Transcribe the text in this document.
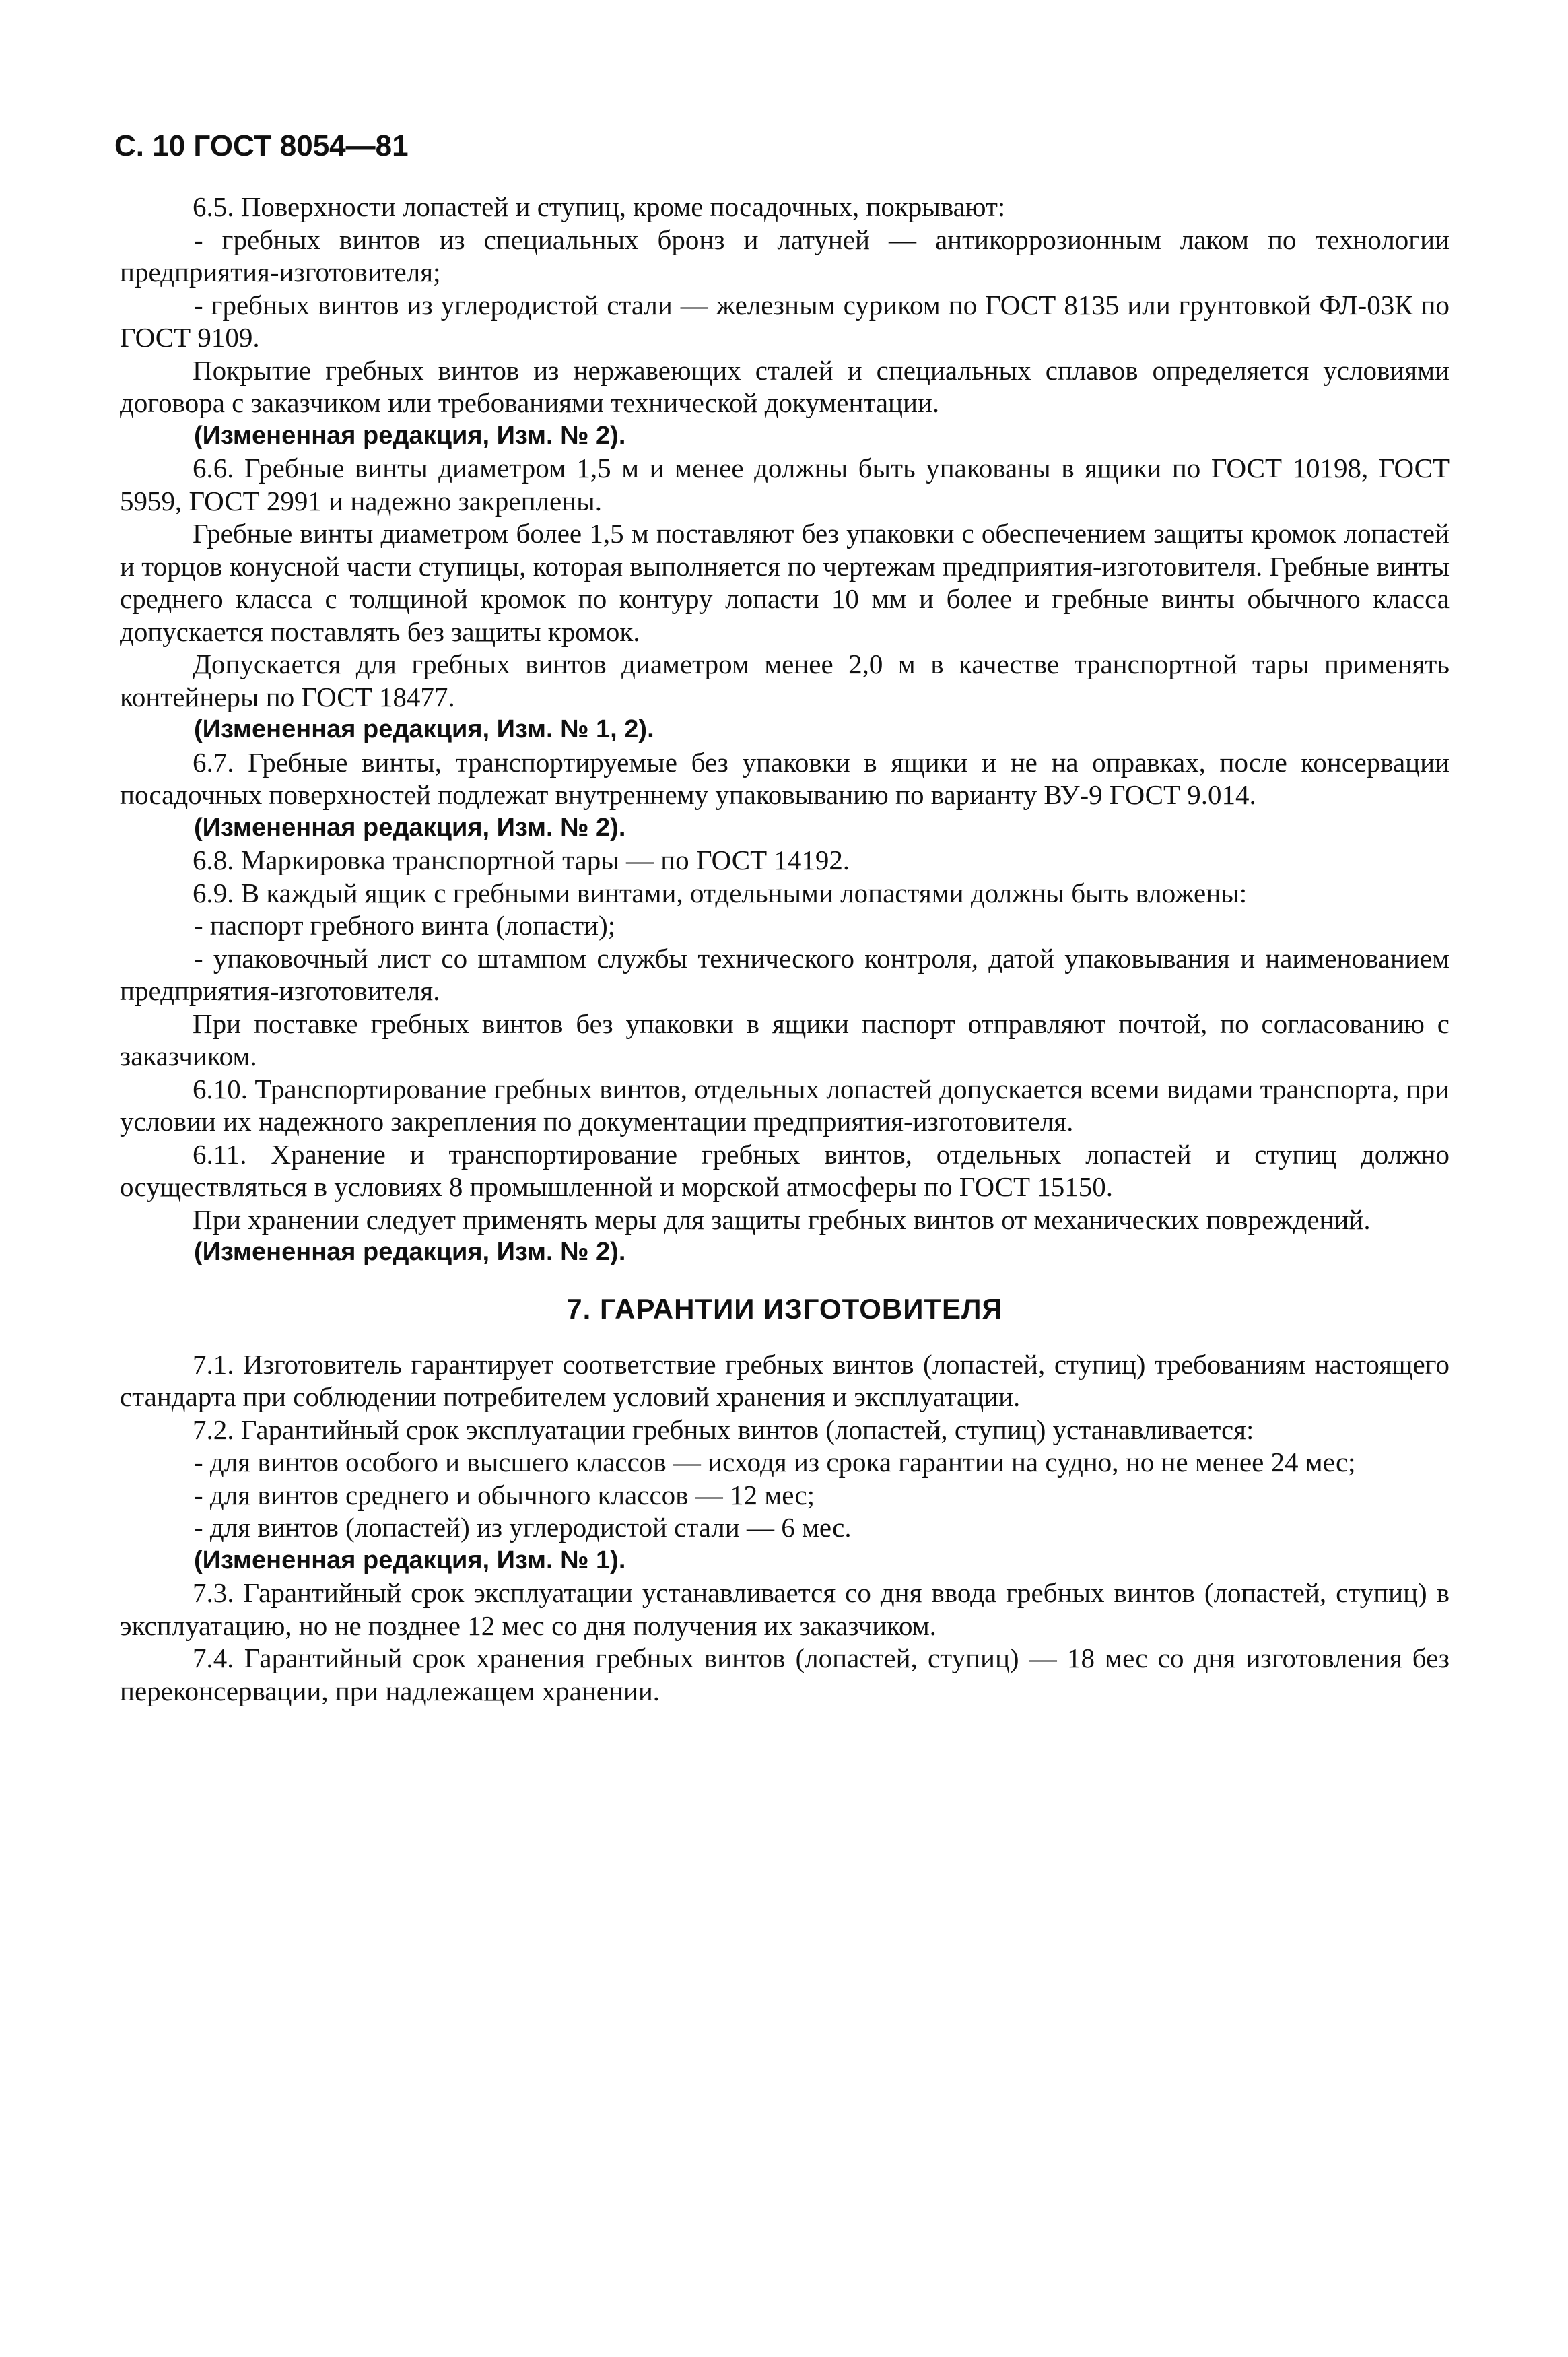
С. 10 ГОСТ 8054—81

6.5. Поверхности лопастей и ступиц, кроме посадочных, покрывают:

- гребных винтов из специальных бронз и латуней — антикоррозионным лаком по технологии предприятия-изготовителя;

- гребных винтов из углеродистой стали — железным суриком по ГОСТ 8135 или грунтовкой ФЛ-03К по ГОСТ 9109.

Покрытие гребных винтов из нержавеющих сталей и специальных сплавов определяется условиями договора с заказчиком или требованиями технической документации.

(Измененная редакция, Изм. № 2).

6.6. Гребные винты диаметром 1,5 м и менее должны быть упакованы в ящики по ГОСТ 10198, ГОСТ 5959, ГОСТ 2991 и надежно закреплены.

Гребные винты диаметром более 1,5 м поставляют без упаковки с обеспечением защиты кромок лопастей и торцов конусной части ступицы, которая выполняется по чертежам предприятия-изготовителя. Гребные винты среднего класса с толщиной кромок по контуру лопасти 10 мм и более и гребные винты обычного класса допускается поставлять без защиты кромок.

Допускается для гребных винтов диаметром менее 2,0 м в качестве транспортной тары применять контейнеры по ГОСТ 18477.

(Измененная редакция, Изм. № 1, 2).

6.7. Гребные винты, транспортируемые без упаковки в ящики и не на оправках, после консервации посадочных поверхностей подлежат внутреннему упаковыванию по варианту ВУ-9 ГОСТ 9.014.

(Измененная редакция, Изм. № 2).

6.8. Маркировка транспортной тары — по ГОСТ 14192.

6.9. В каждый ящик с гребными винтами, отдельными лопастями должны быть вложены:

- паспорт гребного винта (лопасти);

- упаковочный лист со штампом службы технического контроля, датой упаковывания и наименованием предприятия-изготовителя.

При поставке гребных винтов без упаковки в ящики паспорт отправляют почтой, по согласованию с заказчиком.

6.10. Транспортирование гребных винтов, отдельных лопастей допускается всеми видами транспорта, при условии их надежного закрепления по документации предприятия-изготовителя.

6.11. Хранение и транспортирование гребных винтов, отдельных лопастей и ступиц должно осуществляться в условиях 8 промышленной и морской атмосферы по ГОСТ 15150.

При хранении следует применять меры для защиты гребных винтов от механических повреждений.

(Измененная редакция, Изм. № 2).

7. ГАРАНТИИ ИЗГОТОВИТЕЛЯ

7.1. Изготовитель гарантирует соответствие гребных винтов (лопастей, ступиц) требованиям настоящего стандарта при соблюдении потребителем условий хранения и эксплуатации.

7.2. Гарантийный срок эксплуатации гребных винтов (лопастей, ступиц) устанавливается:

- для винтов особого и высшего классов — исходя из срока гарантии на судно, но не менее 24 мес;

- для винтов среднего и обычного классов — 12 мес;

- для винтов (лопастей) из углеродистой стали — 6 мес.

(Измененная редакция, Изм. № 1).

7.3. Гарантийный срок эксплуатации устанавливается со дня ввода гребных винтов (лопастей, ступиц) в эксплуатацию, но не позднее 12 мес со дня получения их заказчиком.

7.4. Гарантийный срок хранения гребных винтов (лопастей, ступиц) — 18 мес со дня изготовления без переконсервации, при надлежащем хранении.
